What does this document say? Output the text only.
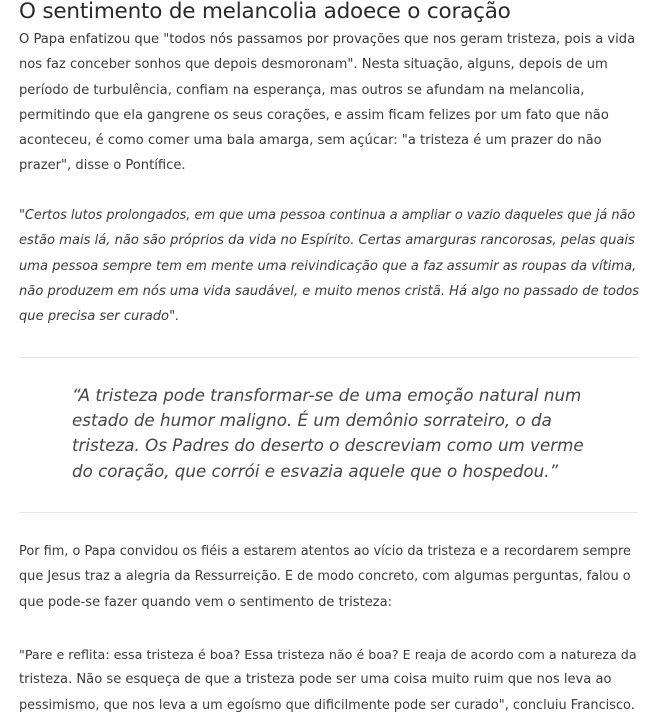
O sentimento de melancolia adoece o coração

O Papa enfatizou que "todos nós passamos por provações que nos geram tristeza, pois a vida
nos faz conceber sonhos que depois desmoronam". Nesta situação, alguns, depois de um
período de turbulência, confiam na esperança, mas outros se afundam na melancolia,
permitindo que ela gangrene os seus corações, e assim ficam felizes por um fato que não
aconteceu, é como comer uma bala amarga, sem açúcar: "a tristeza é um prazer do não
prazer", disse o Pontífice.

"Certos lutos prolongados, em que uma pessoa continua a ampliar o vazio daqueles que já não
estão mais lá, não são próprios da vida no Espírito. Certas amarguras rancorosas, pelas quais
uma pessoa sempre tem em mente uma reivindicação que a faz assumir as roupas da vítima,
não produzem em nós uma vida saudável, e muito menos cristã. Há algo no passado de todos
que precisa ser curado".

“A tristeza pode transformar-se de uma emoção natural num
estado de humor maligno. É um demônio sorrateiro, o da
tristeza. Os Padres do deserto o descreviam como um verme
do coração, que corrói e esvazia aquele que o hospedou.”

Por fim, o Papa convidou os fiéis a estarem atentos ao vício da tristeza e a recordarem sempre
que Jesus traz a alegria da Ressurreição. E de modo concreto, com algumas perguntas, falou o
que pode-se fazer quando vem o sentimento de tristeza:

"Pare e reflita: essa tristeza é boa? Essa tristeza não é boa? E reaja de acordo com a natureza da
tristeza. Não se esqueça de que a tristeza pode ser uma coisa muito ruim que nos leva ao
pessimismo, que nos leva a um egoísmo que dificilmente pode ser curado", concluiu Francisco.
